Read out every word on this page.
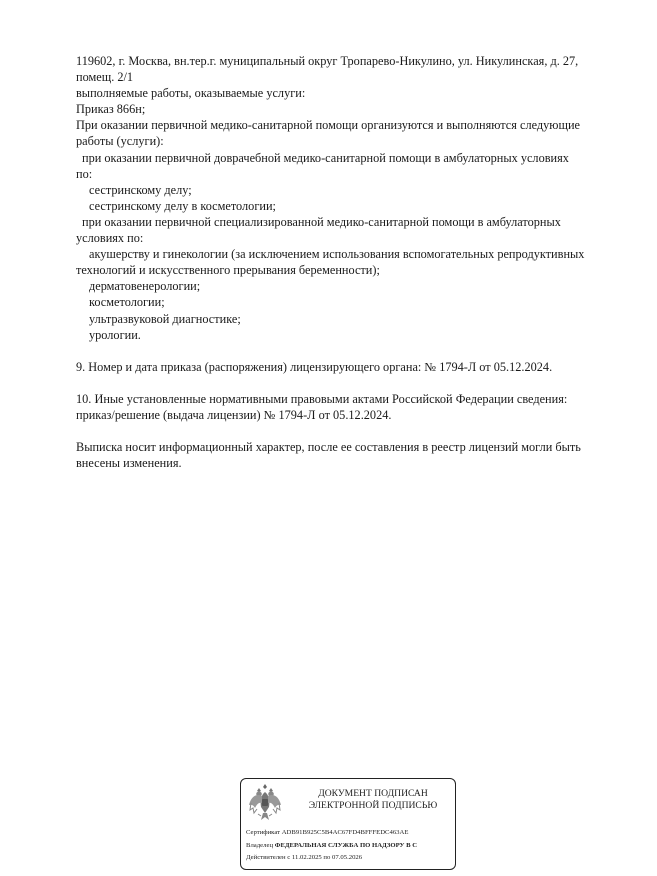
119602, г. Москва, вн.тер.г. муниципальный округ Тропарево-Никулино, ул. Никулинская, д. 27,

помещ. 2/1

выполняемые работы, оказываемые услуги:

Приказ 866н;

При оказании первичной медико-санитарной помощи организуются и выполняются следующие

работы (услуги):

при оказании первичной доврачебной медико-санитарной помощи в амбулаторных условиях

по:

сестринскому делу;

сестринскому делу в косметологии;

при оказании первичной специализированной медико-санитарной помощи в амбулаторных

условиях по:

акушерству и гинекологии (за исключением использования вспомогательных репродуктивных

технологий и искусственного прерывания беременности);

дерматовенерологии;

косметологии;

ультразвуковой диагностике;

урологии.

9. Номер и дата приказа (распоряжения) лицензирующего органа: № 1794-Л от 05.12.2024.

10. Иные установленные нормативными правовыми актами Российской Федерации сведения:

приказ/решение (выдача лицензии) № 1794-Л от 05.12.2024.

Выписка носит информационный характер, после ее составления в реестр лицензий могли быть

внесены изменения.

ДОКУМЕНТ ПОДПИСАН
ЭЛЕКТРОННОЙ ПОДПИСЬЮ
Сертификат ADB91B925C5B4AC67FD4BFFFEDC463AE
Владелец ФЕДЕРАЛЬНАЯ СЛУЖБА ПО НАДЗОРУ В С
Действителен с 11.02.2025 по 07.05.2026
